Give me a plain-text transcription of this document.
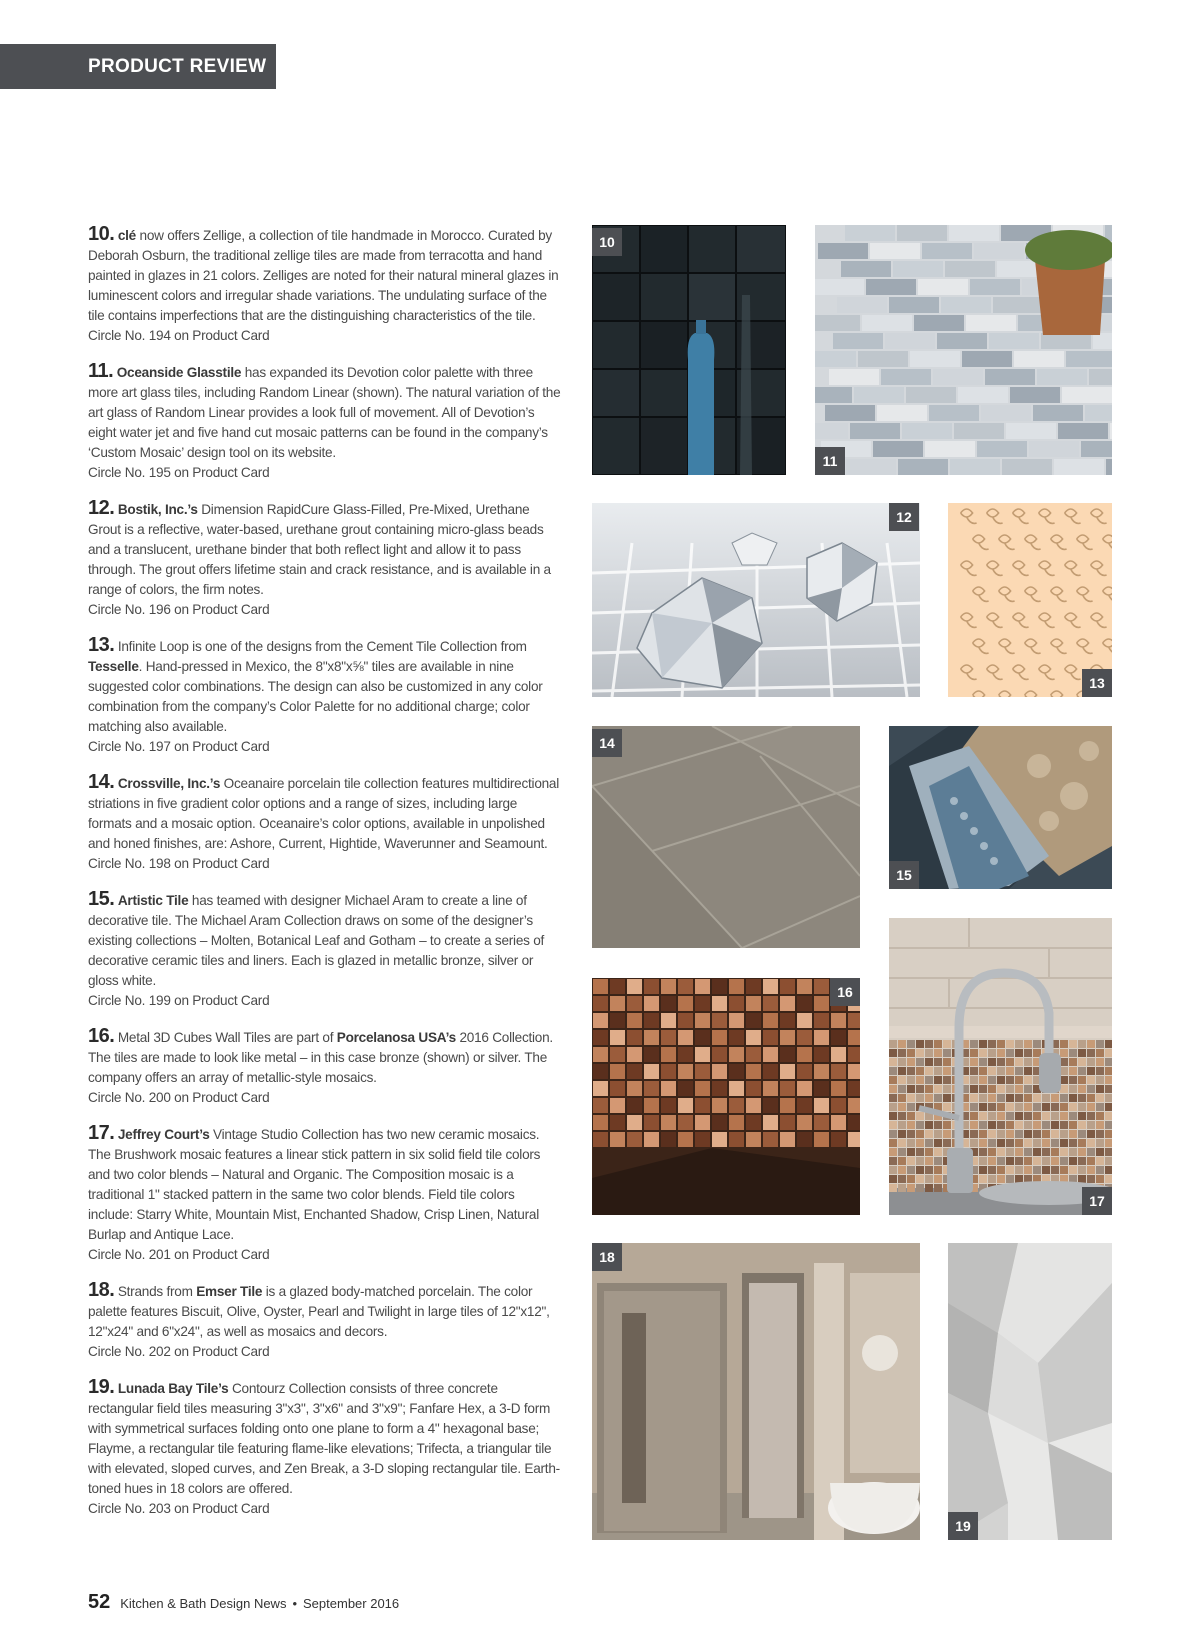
PRODUCT REVIEW
10. clé now offers Zellige, a collection of tile handmade in Morocco. Curated by Deborah Osburn, the traditional zellige tiles are made from terracotta and hand painted in glazes in 21 colors. Zelliges are noted for their natural mineral glazes in luminescent colors and irregular shade variations. The undulating surface of the tile contains imperfections that are the distinguishing characteristics of the tile.
Circle No. 194 on Product Card
11. Oceanside Glasstile has expanded its Devotion color palette with three more art glass tiles, including Random Linear (shown). The natural variation of the art glass of Random Linear provides a look full of movement. All of Devotion’s eight water jet and five hand cut mosaic patterns can be found in the company’s ‘Custom Mosaic’ design tool on its website.
Circle No. 195 on Product Card
12. Bostik, Inc.’s Dimension RapidCure Glass-Filled, Pre-Mixed, Urethane Grout is a reflective, water-based, urethane grout containing micro-glass beads and a translucent, urethane binder that both reflect light and allow it to pass through. The grout offers lifetime stain and crack resistance, and is available in a range of colors, the firm notes.
Circle No. 196 on Product Card
13. Infinite Loop is one of the designs from the Cement Tile Collection from Tesselle. Hand-pressed in Mexico, the 8"x8"x⅝" tiles are available in nine suggested color combinations. The design can also be customized in any color combination from the company’s Color Palette for no additional charge; color matching also available.
Circle No. 197 on Product Card
14. Crossville, Inc.’s Oceanaire porcelain tile collection features multidirectional striations in five gradient color options and a range of sizes, including large formats and a mosaic option. Oceanaire’s color options, available in unpolished and honed finishes, are: Ashore, Current, Hightide, Waverunner and Seamount.
Circle No. 198 on Product Card
15. Artistic Tile has teamed with designer Michael Aram to create a line of decorative tile. The Michael Aram Collection draws on some of the designer’s existing collections – Molten, Botanical Leaf and Gotham – to create a series of decorative ceramic tiles and liners. Each is glazed in metallic bronze, silver or gloss white.
Circle No. 199 on Product Card
16. Metal 3D Cubes Wall Tiles are part of Porcelanosa USA’s 2016 Collection. The tiles are made to look like metal – in this case bronze (shown) or silver. The company offers an array of metallic-style mosaics.
Circle No. 200 on Product Card
17. Jeffrey Court’s Vintage Studio Collection has two new ceramic mosaics. The Brushwork mosaic features a linear stick pattern in six solid field tile colors and two color blends – Natural and Organic. The Composition mosaic is a traditional 1" stacked pattern in the same two color blends. Field tile colors include: Starry White, Mountain Mist, Enchanted Shadow, Crisp Linen, Natural Burlap and Antique Lace.
Circle No. 201 on Product Card
18. Strands from Emser Tile is a glazed body-matched porcelain. The color palette features Biscuit, Olive, Oyster, Pearl and Twilight in large tiles of 12"x12", 12"x24" and 6"x24", as well as mosaics and decors.
Circle No. 202 on Product Card
19. Lunada Bay Tile’s Contourz Collection consists of three concrete rectangular field tiles measuring 3"x3", 3"x6" and 3"x9"; Fanfare Hex, a 3-D form with symmetrical surfaces folding onto one plane to form a 4" hexagonal base; Flayme, a rectangular tile featuring flame-like elevations; Trifecta, a triangular tile with elevated, sloped curves, and Zen Break, a 3-D sloping rectangular tile. Earth-toned hues in 18 colors are offered.
Circle No. 203 on Product Card
10
11
12
13
14
15
16
17
18
19
52 Kitchen & Bath Design News • September 2016
